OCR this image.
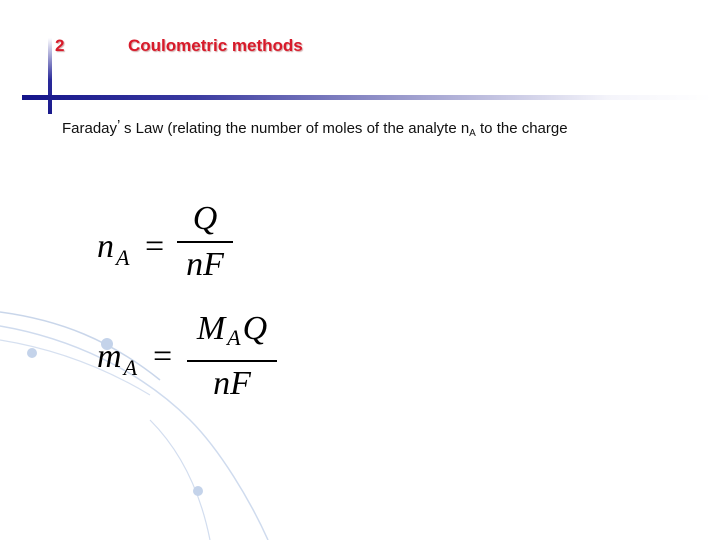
2	Coulometric methods
Faraday’ s Law (relating the number of moles of the analyte $n_A$ to the charge
$n_A$ =
Q
nF
$m_A$ =
$M_AQ$
nF
